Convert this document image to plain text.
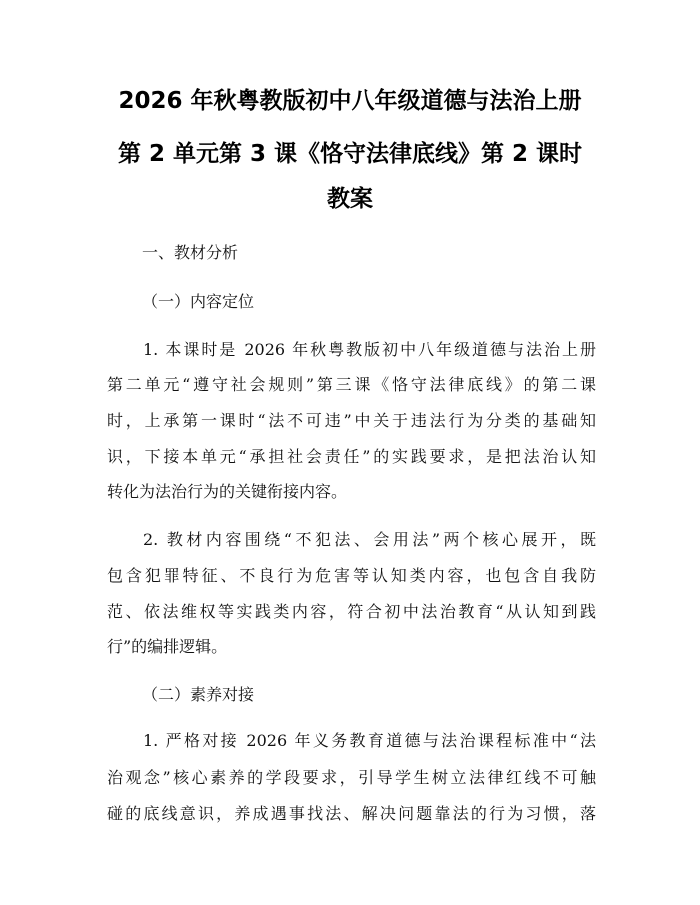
2026 年秋粤教版初中八年级道德与法治上册
第 2 单元第 3 课《恪守法律底线》第 2 课时
教案
一、教材分析
（一）内容定位
1. 本课时是 2026 年秋粤教版初中八年级道德与法治上册
第二单元“遵守社会规则”第三课《恪守法律底线》的第二课
时，上承第一课时“法不可违”中关于违法行为分类的基础知
识，下接本单元“承担社会责任”的实践要求，是把法治认知
转化为法治行为的关键衔接内容。
2. 教材内容围绕“不犯法、会用法”两个核心展开，既
包含犯罪特征、不良行为危害等认知类内容，也包含自我防
范、依法维权等实践类内容，符合初中法治教育“从认知到践
行”的编排逻辑。
（二）素养对接
1. 严格对接 2026 年义务教育道德与法治课程标准中“法
治观念”核心素养的学段要求，引导学生树立法律红线不可触
碰的底线意识，养成遇事找法、解决问题靠法的行为习惯，落
